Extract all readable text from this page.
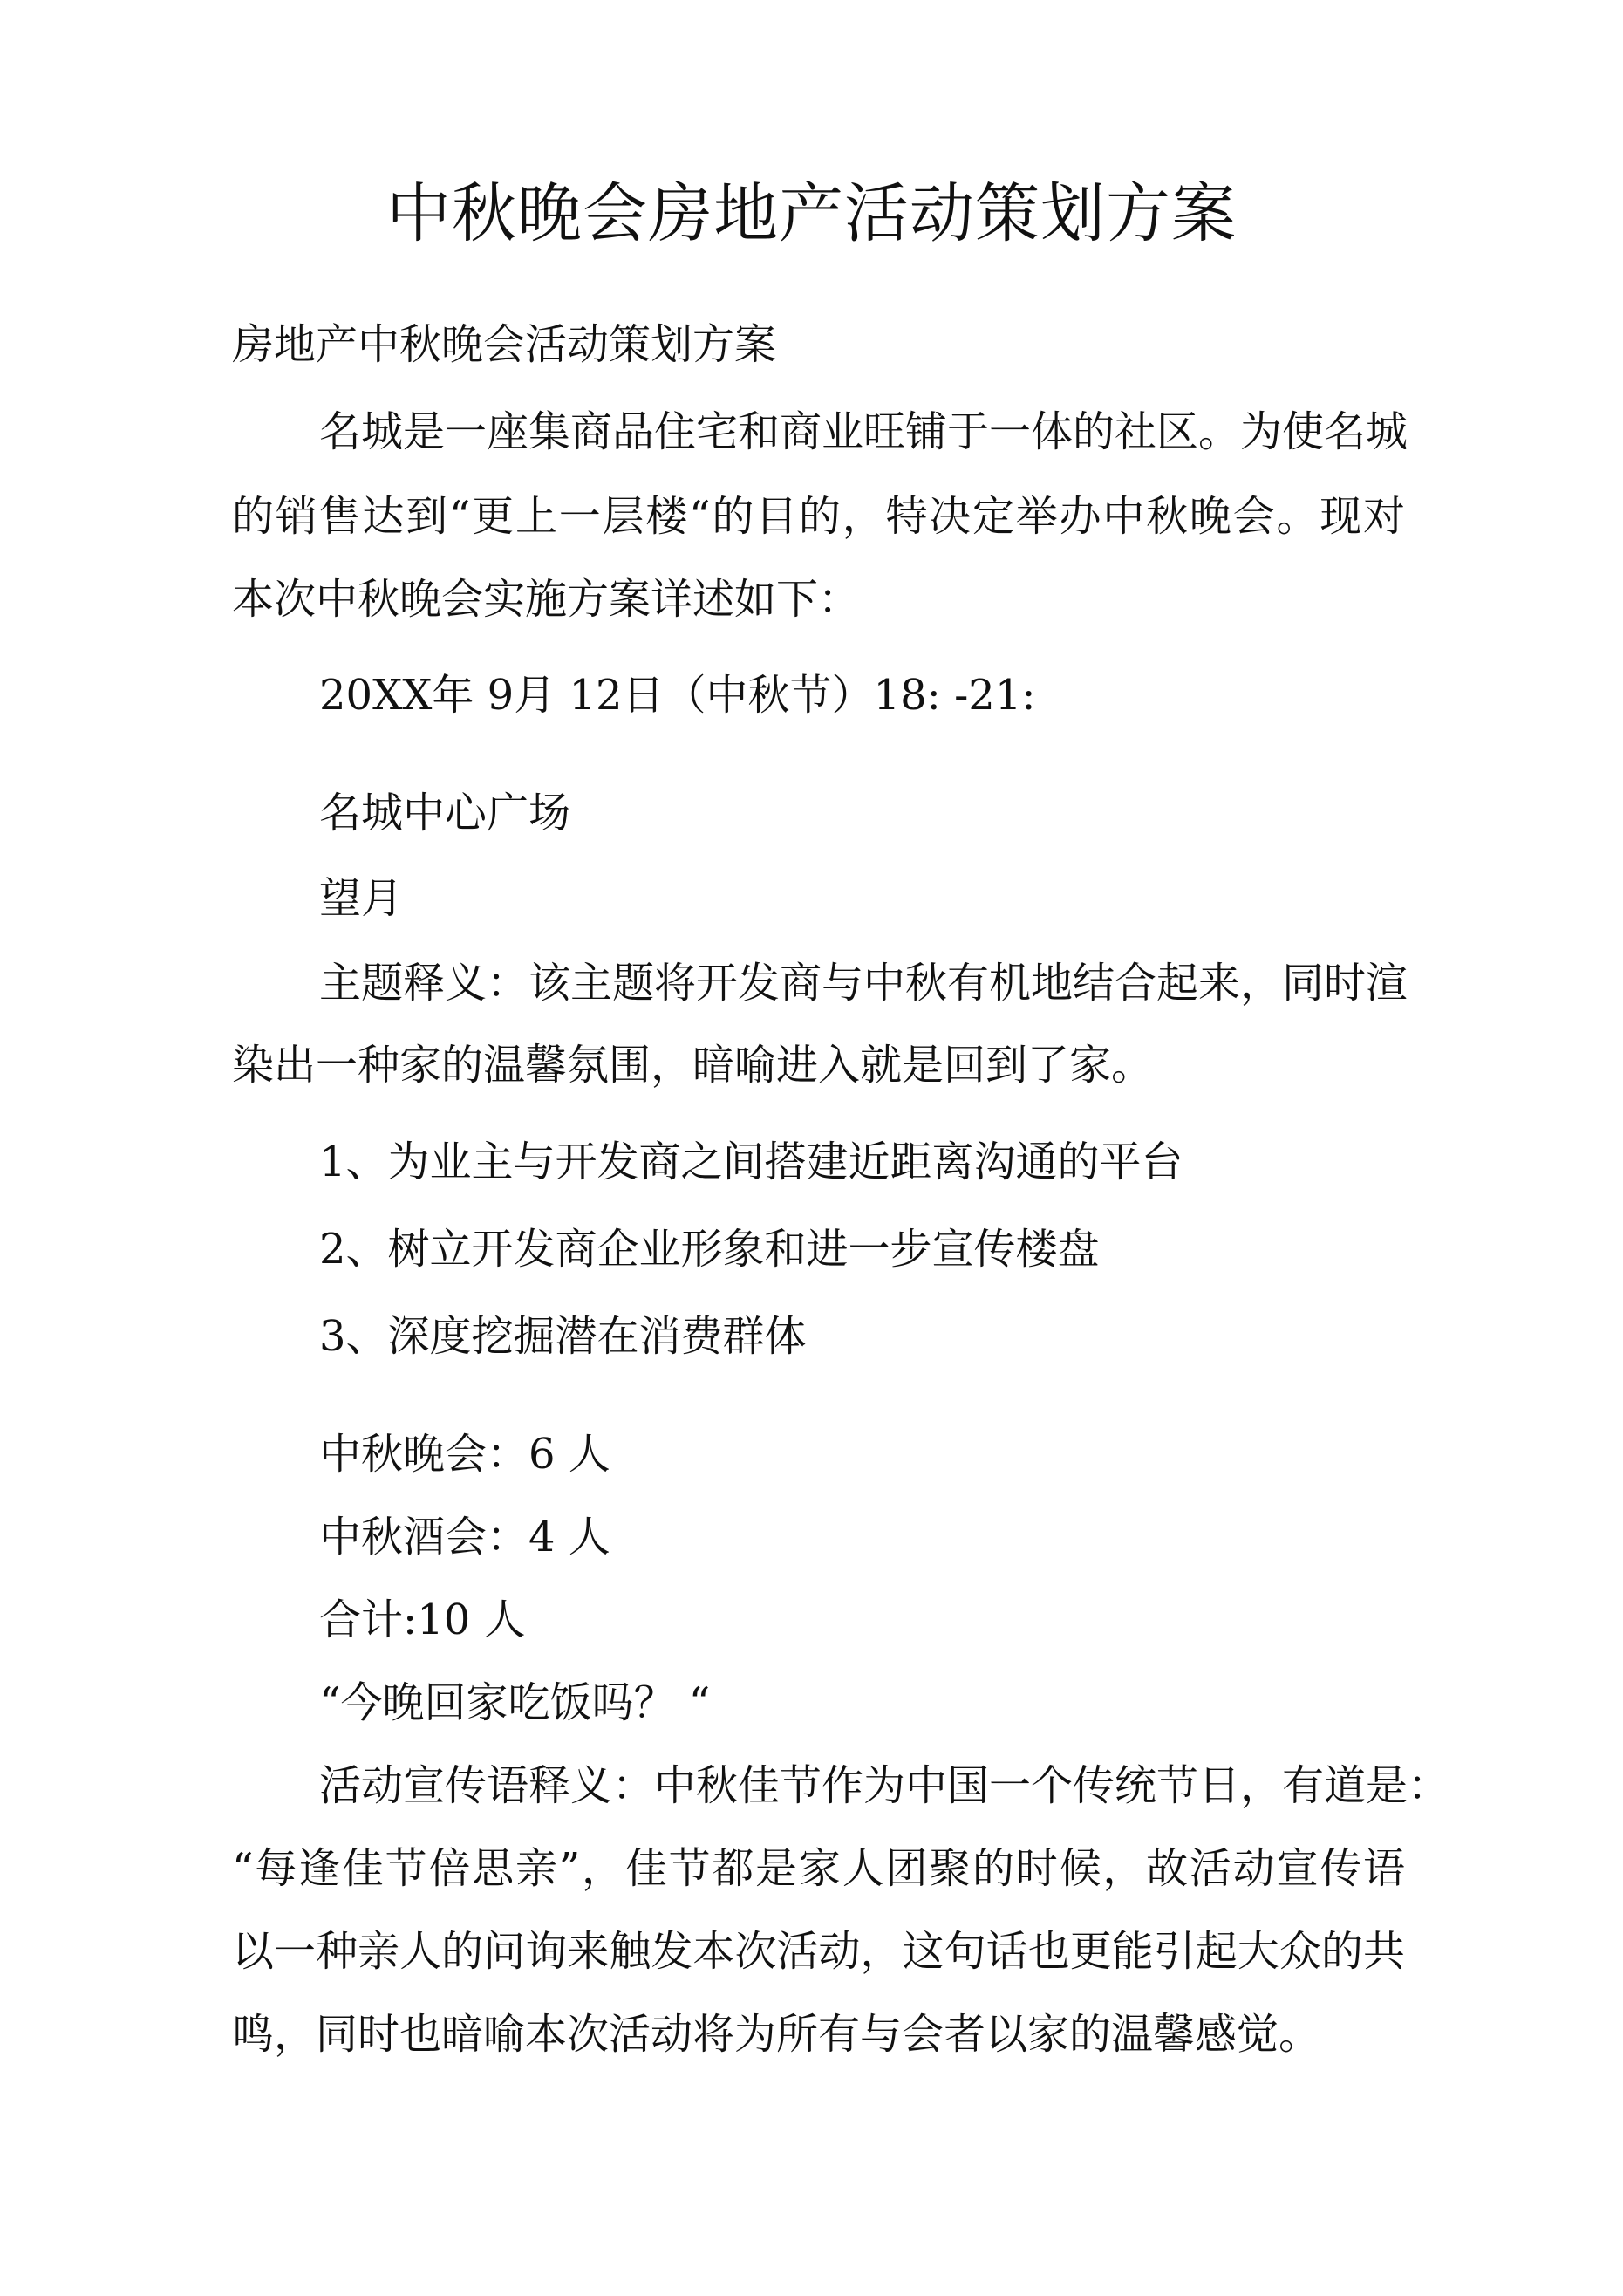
中秋晚会房地产活动策划方案
房地产中秋晚会活动策划方案
名城是一座集商品住宅和商业旺铺于一体的社区。为使名城
的销售达到“更上一层楼“的目的，特决定举办中秋晚会。现对
本次中秋晚会实施方案详述如下：
20XX年 9月 12日（中秋节）18: -21:
名城中心广场
望月
主题释义：该主题将开发商与中秋有机地结合起来，同时渲
染出一种家的温馨氛围，暗喻进入就是回到了家。
1、为业主与开发商之间搭建近距离沟通的平台
2、树立开发商企业形象和进一步宣传楼盘
3、深度挖掘潜在消费群体
中秋晚会：6 人
中秋酒会：4 人
合计:10 人
“今晚回家吃饭吗？ “
活动宣传语释义：中秋佳节作为中国一个传统节日，有道是：
“每逢佳节倍思亲”，佳节都是家人团聚的时候，故活动宣传语
以一种亲人的问询来触发本次活动，这句话也更能引起大众的共
鸣，同时也暗喻本次活动将为所有与会者以家的温馨感觉。
